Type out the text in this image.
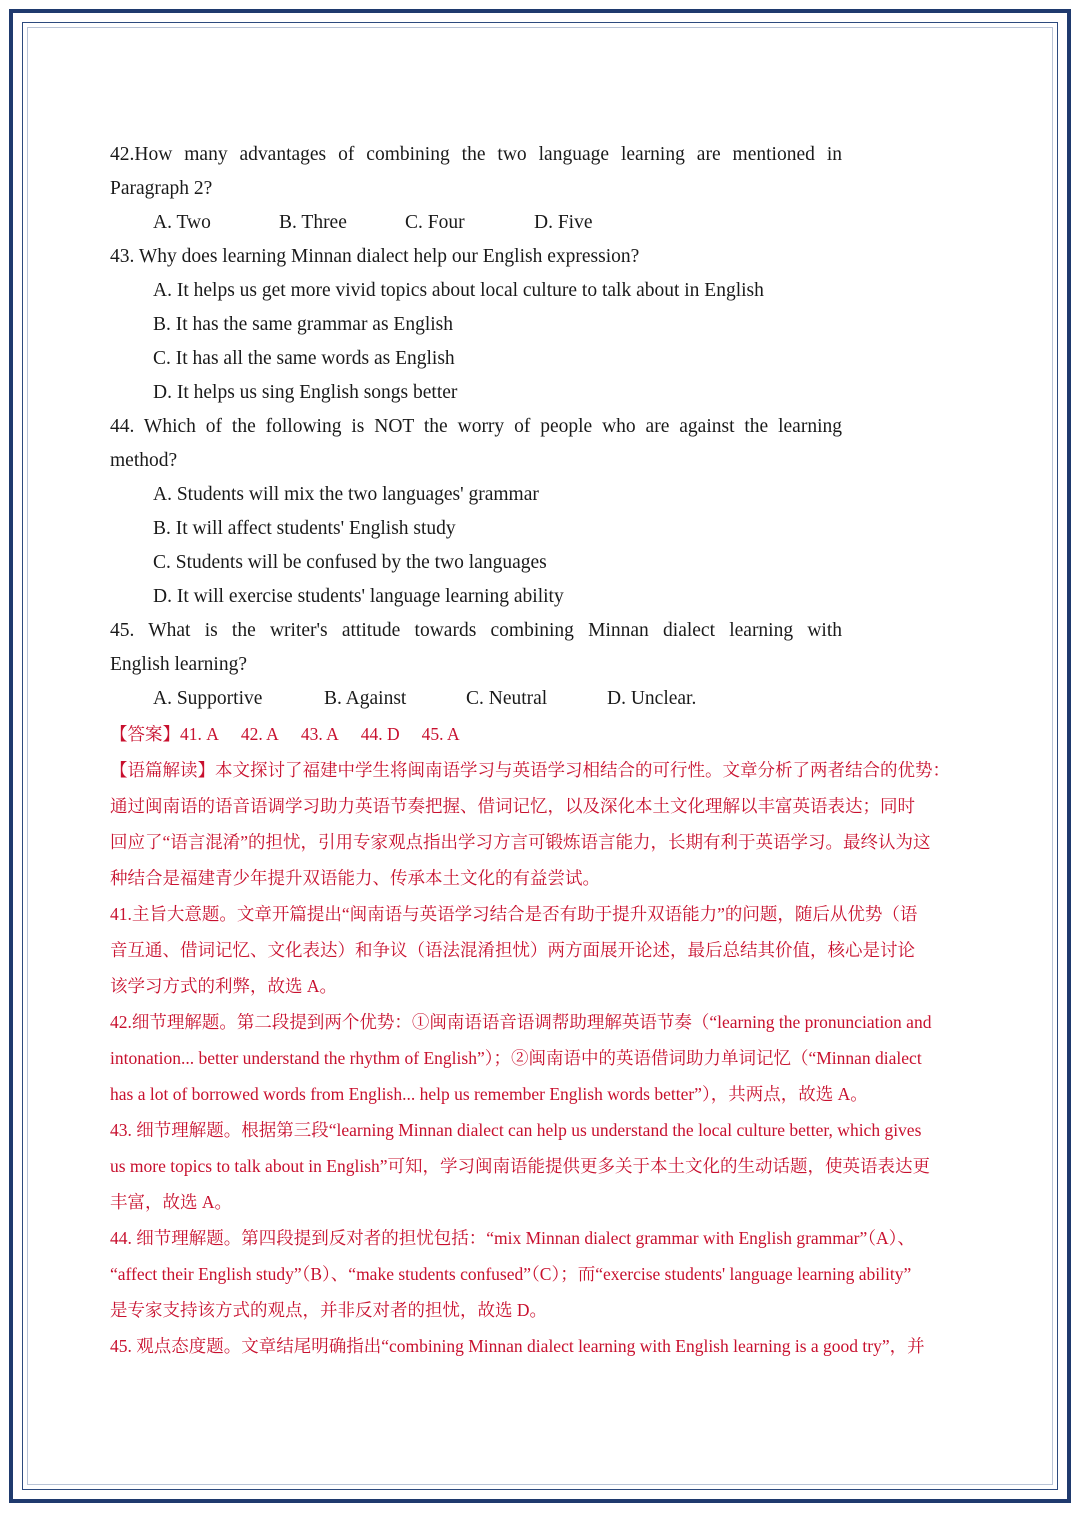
42.How many advantages of combining the two language learning are mentioned in
Paragraph 2?
A. Two	B. Three	C. Four	D. Five
43. Why does learning Minnan dialect help our English expression?
A. It helps us get more vivid topics about local culture to talk about in English
B. It has the same grammar as English
C. It has all the same words as English
D. It helps us sing English songs better
44. Which of the following is NOT the worry of people who are against the learning
method?
A. Students will mix the two languages' grammar
B. It will affect students' English study
C. Students will be confused by the two languages
D. It will exercise students' language learning ability
45. What is the writer's attitude towards combining Minnan dialect learning with
English learning?
A. Supportive	B. Against	C. Neutral	D. Unclear.
【答案】41. A 42. A 43. A 44. D 45. A
【语篇解读】本文探讨了福建中学生将闽南语学习与英语学习相结合的可行性。文章分析了两者结合的优势：
通过闽南语的语音语调学习助力英语节奏把握、借词记忆，以及深化本土文化理解以丰富英语表达；同时
回应了“语言混淆”的担忧，引用专家观点指出学习方言可锻炼语言能力，长期有利于英语学习。最终认为这
种结合是福建青少年提升双语能力、传承本土文化的有益尝试。
41.主旨大意题。文章开篇提出“闽南语与英语学习结合是否有助于提升双语能力”的问题，随后从优势（语
音互通、借词记忆、文化表达）和争议（语法混淆担忧）两方面展开论述，最后总结其价值，核心是讨论
该学习方式的利弊，故选 A。
42.细节理解题。第二段提到两个优势：①闽南语语音语调帮助理解英语节奏（“learning the pronunciation and
intonation... better understand the rhythm of English”）；②闽南语中的英语借词助力单词记忆（“Minnan dialect
has a lot of borrowed words from English... help us remember English words better”），共两点，故选 A。
43. 细节理解题。根据第三段“learning Minnan dialect can help us understand the local culture better, which gives
us more topics to talk about in English”可知，学习闽南语能提供更多关于本土文化的生动话题，使英语表达更
丰富，故选 A。
44. 细节理解题。第四段提到反对者的担忧包括：“mix Minnan dialect grammar with English grammar”（A）、
“affect their English study”（B）、“make students confused”（C）；而“exercise students' language learning ability”
是专家支持该方式的观点，并非反对者的担忧，故选 D。
45. 观点态度题。文章结尾明确指出“combining Minnan dialect learning with English learning is a good try”，并
